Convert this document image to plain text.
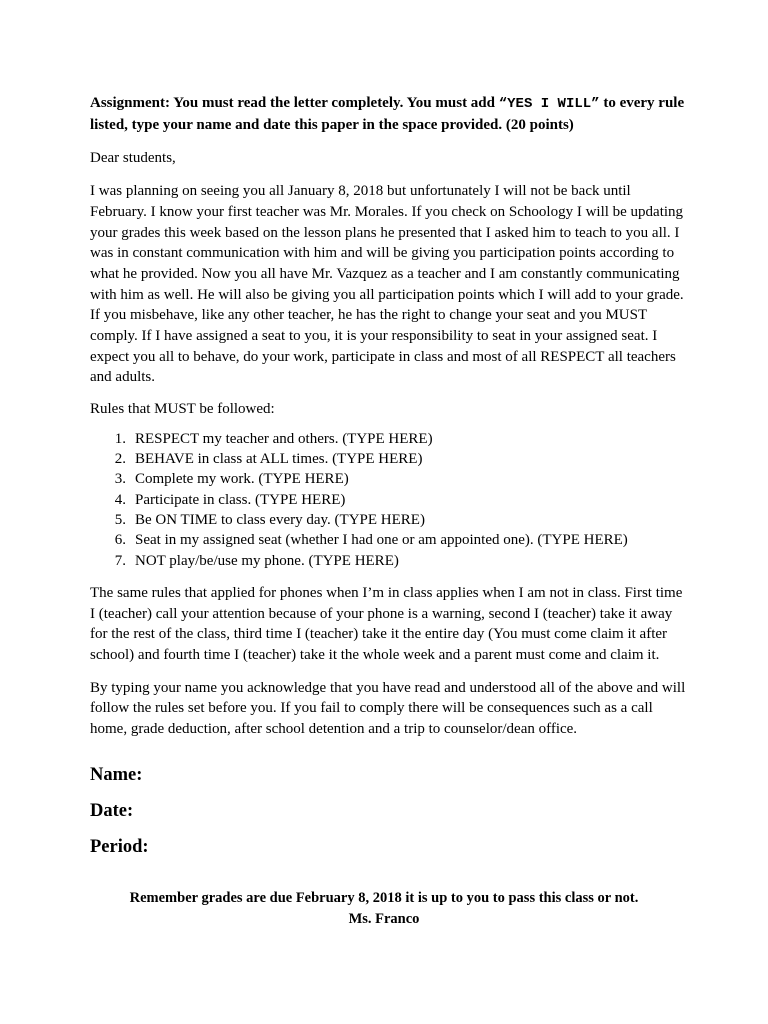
Assignment: You must read the letter completely. You must add “YES I WILL” to every rule listed, type your name and date this paper in the space provided. (20 points)

Dear students,

I was planning on seeing you all January 8, 2018 but unfortunately I will not be back until February. I know your first teacher was Mr. Morales. If you check on Schoology I will be updating your grades this week based on the lesson plans he presented that I asked him to teach to you all. I was in constant communication with him and will be giving you participation points according to what he provided. Now you all have Mr. Vazquez as a teacher and I am constantly communicating with him as well. He will also be giving you all participation points which I will add to your grade. If you misbehave, like any other teacher, he has the right to change your seat and you MUST comply. If I have assigned a seat to you, it is your responsibility to seat in your assigned seat. I expect you all to behave, do your work, participate in class and most of all RESPECT all teachers and adults.

Rules that MUST be followed:

1. RESPECT my teacher and others. (TYPE HERE)
2. BEHAVE in class at ALL times. (TYPE HERE)
3. Complete my work. (TYPE HERE)
4. Participate in class. (TYPE HERE)
5. Be ON TIME to class every day. (TYPE HERE)
6. Seat in my assigned seat (whether I had one or am appointed one). (TYPE HERE)
7. NOT play/be/use my phone. (TYPE HERE)

The same rules that applied for phones when I’m in class applies when I am not in class. First time I (teacher) call your attention because of your phone is a warning, second I (teacher) take it away for the rest of the class, third time I (teacher) take it the entire day (You must come claim it after school) and fourth time I (teacher) take it the whole week and a parent must come and claim it.

By typing your name you acknowledge that you have read and understood all of the above and will follow the rules set before you. If you fail to comply there will be consequences such as a call home, grade deduction, after school detention and a trip to counselor/dean office.

Name:

Date:

Period:

Remember grades are due February 8, 2018 it is up to you to pass this class or not.

Ms. Franco
